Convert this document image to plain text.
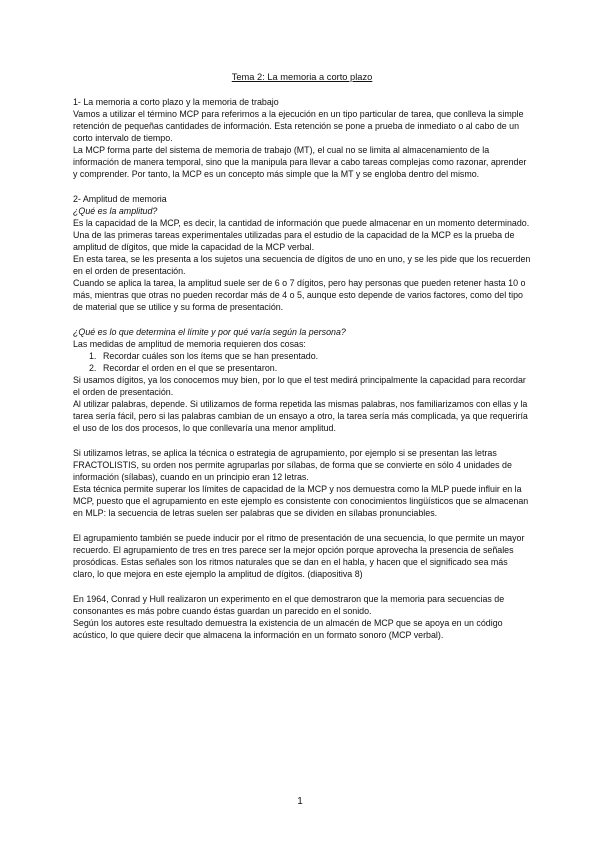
Tema 2: La memoria a corto plazo
1- La memoria a corto plazo y la memoria de trabajo

Vamos a utilizar el término MCP para referirnos a la ejecución en un tipo particular de tarea, que conlleva la simple retención de pequeñas cantidades de información. Esta retención se pone a prueba de inmediato o al cabo de un corto intervalo de tiempo.

La MCP forma parte del sistema de memoria de trabajo (MT), el cual no se limita al almacenamiento de la información de manera temporal, sino que la manipula para llevar a cabo tareas complejas como razonar, aprender y comprender. Por tanto, la MCP es un concepto más simple que la MT y se engloba dentro del mismo.

2- Amplitud de memoria

¿Qué es la amplitud?

Es la capacidad de la MCP, es decir, la cantidad de información que puede almacenar en un momento determinado.

Una de las primeras tareas experimentales utilizadas para el estudio de la capacidad de la MCP es la prueba de amplitud de dígitos, que mide la capacidad de la MCP verbal.

En esta tarea, se les presenta a los sujetos una secuencia de dígitos de uno en uno, y se les pide que los recuerden en el orden de presentación.

Cuando se aplica la tarea, la amplitud suele ser de 6 o 7 dígitos, pero hay personas que pueden retener hasta 10 o más, mientras que otras no pueden recordar más de 4 o 5, aunque esto depende de varios factores, como del tipo de material que se utilice y su forma de presentación.

¿Qué es lo que determina el límite y por qué varía según la persona?

Las medidas de amplitud de memoria requieren dos cosas:

1. Recordar cuáles son los ítems que se han presentado.
2. Recordar el orden en el que se presentaron.

Si usamos dígitos, ya los conocemos muy bien, por lo que el test medirá principalmente la capacidad para recordar el orden de presentación.

Al utilizar palabras, depende. Si utilizamos de forma repetida las mismas palabras, nos familiarizamos con ellas y la tarea sería fácil, pero si las palabras cambian de un ensayo a otro, la tarea sería más complicada, ya que requeriría el uso de los dos procesos, lo que conllevaría una menor amplitud.

Si utilizamos letras, se aplica la técnica o estrategia de agrupamiento, por ejemplo si se presentan las letras FRACTOLISTIS, su orden nos permite agruparlas por sílabas, de forma que se convierte en sólo 4 unidades de información (sílabas), cuando en un principio eran 12 letras.

Esta técnica permite superar los límites de capacidad de la MCP y nos demuestra como la MLP puede influir en la MCP, puesto que el agrupamiento en este ejemplo es consistente con conocimientos lingüísticos que se almacenan en MLP: la secuencia de letras suelen ser palabras que se dividen en sílabas pronunciables.

El agrupamiento también se puede inducir por el ritmo de presentación de una secuencia, lo que permite un mayor recuerdo. El agrupamiento de tres en tres parece ser la mejor opción porque aprovecha la presencia de señales prosódicas. Estas señales son los ritmos naturales que se dan en el habla, y hacen que el significado sea más claro, lo que mejora en este ejemplo la amplitud de dígitos. (diapositiva 8)

En 1964, Conrad y Hull realizaron un experimento en el que demostraron que la memoria para secuencias de consonantes es más pobre cuando éstas guardan un parecido en el sonido.

Según los autores este resultado demuestra la existencia de un almacén de MCP que se apoya en un código acústico, lo que quiere decir que almacena la información en un formato sonoro (MCP verbal).

1
